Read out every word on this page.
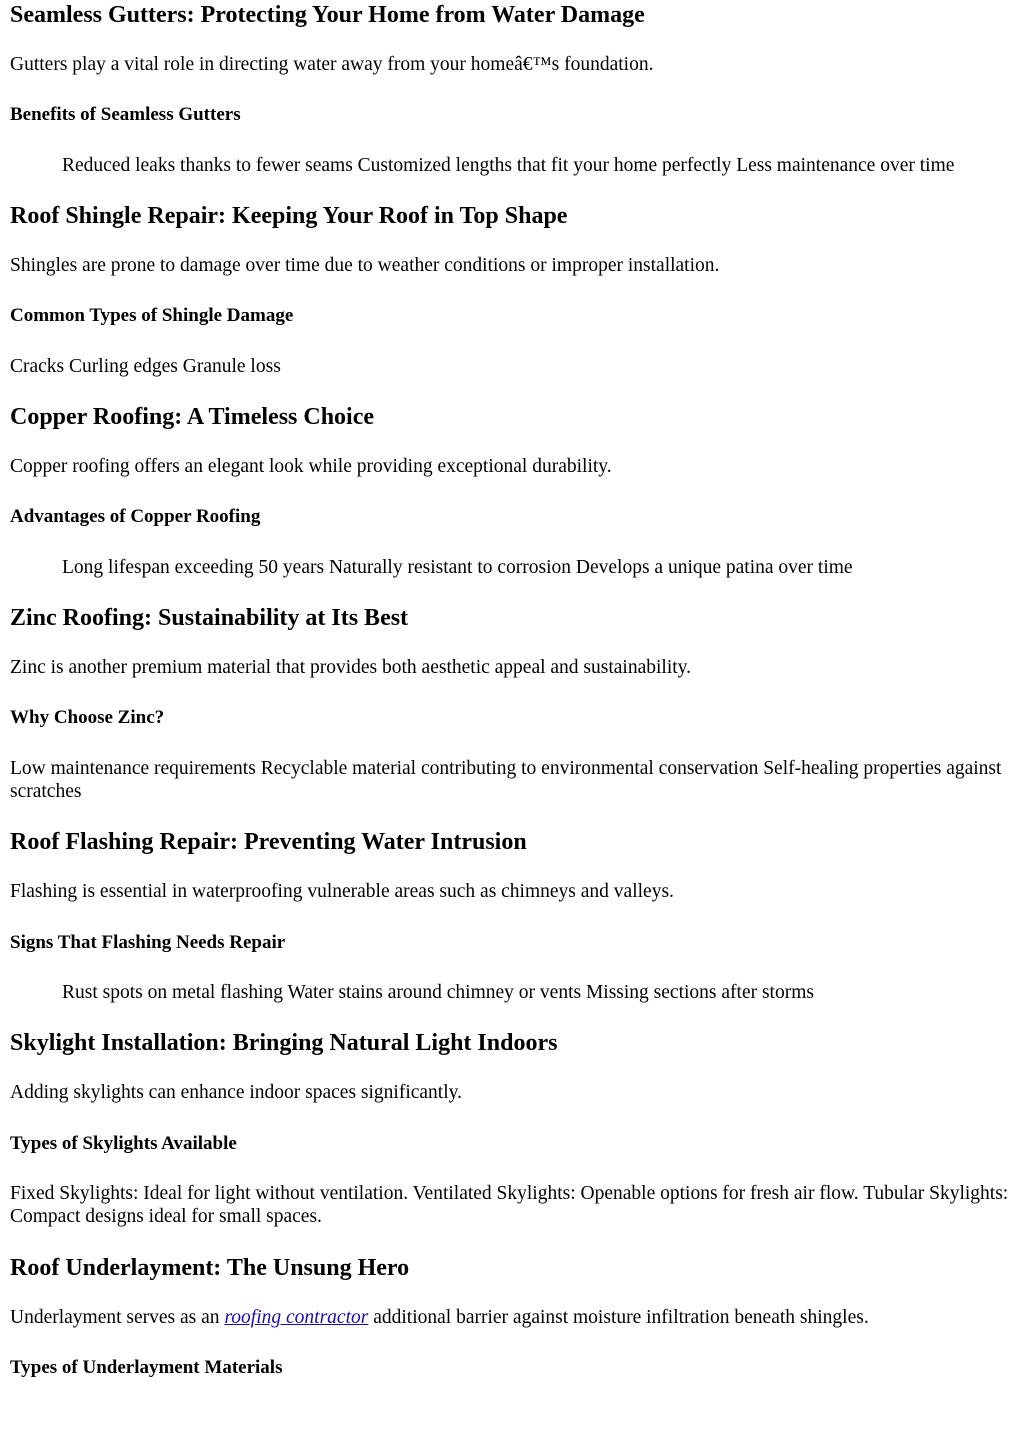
Seamless Gutters: Protecting Your Home from Water Damage
Gutters play a vital role in directing water away from your homeâ€™s foundation.
Benefits of Seamless Gutters
Reduced leaks thanks to fewer seams Customized lengths that fit your home perfectly Less maintenance over time
Roof Shingle Repair: Keeping Your Roof in Top Shape
Shingles are prone to damage over time due to weather conditions or improper installation.
Common Types of Shingle Damage
Cracks Curling edges Granule loss
Copper Roofing: A Timeless Choice
Copper roofing offers an elegant look while providing exceptional durability.
Advantages of Copper Roofing
Long lifespan exceeding 50 years Naturally resistant to corrosion Develops a unique patina over time
Zinc Roofing: Sustainability at Its Best
Zinc is another premium material that provides both aesthetic appeal and sustainability.
Why Choose Zinc?
Low maintenance requirements Recyclable material contributing to environmental conservation Self-healing properties against scratches
Roof Flashing Repair: Preventing Water Intrusion
Flashing is essential in waterproofing vulnerable areas such as chimneys and valleys.
Signs That Flashing Needs Repair
Rust spots on metal flashing Water stains around chimney or vents Missing sections after storms
Skylight Installation: Bringing Natural Light Indoors
Adding skylights can enhance indoor spaces significantly.
Types of Skylights Available
Fixed Skylights: Ideal for light without ventilation. Ventilated Skylights: Openable options for fresh air flow. Tubular Skylights: Compact designs ideal for small spaces.
Roof Underlayment: The Unsung Hero
Underlayment serves as an roofing contractor additional barrier against moisture infiltration beneath shingles.
Types of Underlayment Materials
